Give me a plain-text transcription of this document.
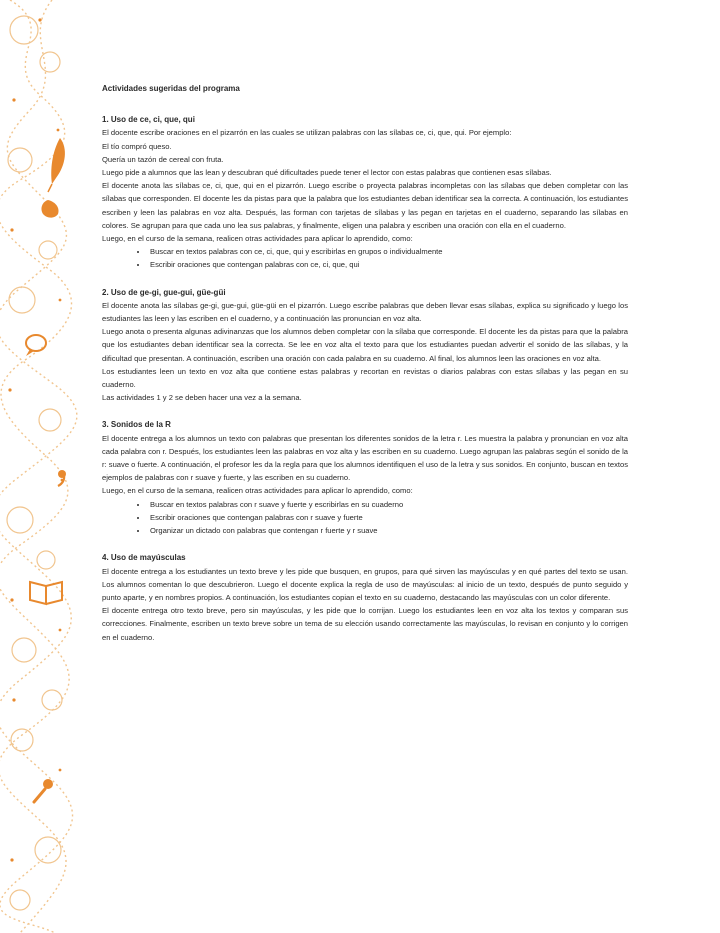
Actividades sugeridas del programa

1. Uso de ce, ci, que, qui

El docente escribe oraciones en el pizarrón en las cuales se utilizan palabras con las sílabas ce, ci, que, qui. Por ejemplo:

El tío compró queso.

Quería un tazón de cereal con fruta.

Luego pide a alumnos que las lean y descubran qué dificultades puede tener el lector con estas palabras que contienen esas sílabas.

El docente anota las sílabas ce, ci, que, qui en el pizarrón. Luego escribe o proyecta palabras incompletas con las sílabas que deben completar con las sílabas que corresponden. El docente les da pistas para que la palabra que los estudiantes deban identificar sea la correcta. A continuación, los estudiantes escriben y leen las palabras en voz alta. Después, las forman con tarjetas de sílabas y las pegan en tarjetas en el cuaderno, separando las sílabas en colores. Se agrupan para que cada uno lea sus palabras, y finalmente, eligen una palabra y escriben una oración con ella en el cuaderno.

Luego, en el curso de la semana, realicen otras actividades para aplicar lo aprendido, como:

• Buscar en textos palabras con ce, ci, que, qui y escribirlas en grupos o individualmente
• Escribir oraciones que contengan palabras con ce, ci, que, qui

2. Uso de ge-gi, gue-gui, güe-güi

El docente anota las sílabas ge-gi, gue-gui, güe-güi en el pizarrón. Luego escribe palabras que deben llevar esas sílabas, explica su significado y luego los estudiantes las leen y las escriben en el cuaderno, y a continuación las pronuncian en voz alta.

Luego anota o presenta algunas adivinanzas que los alumnos deben completar con la sílaba que corresponde. El docente les da pistas para que la palabra que los estudiantes deban identificar sea la correcta. Se lee en voz alta el texto para que los estudiantes puedan advertir el sonido de las sílabas, y la dificultad que presentan. A continuación, escriben una oración con cada palabra en su cuaderno. Al final, los alumnos leen las oraciones en voz alta.

Los estudiantes leen un texto en voz alta que contiene estas palabras y recortan en revistas o diarios palabras con estas sílabas y las pegan en su cuaderno.

Las actividades 1 y 2 se deben hacer una vez a la semana.

3. Sonidos de la R

El docente entrega a los alumnos un texto con palabras que presentan los diferentes sonidos de la letra r. Les muestra la palabra y pronuncian en voz alta cada palabra con r. Después, los estudiantes leen las palabras en voz alta y las escriben en su cuaderno. Luego agrupan las palabras según el sonido de la r: suave o fuerte. A continuación, el profesor les da la regla para que los alumnos identifiquen el uso de la letra y sus sonidos. En conjunto, buscan en textos ejemplos de palabras con r suave y fuerte, y las escriben en su cuaderno.

Luego, en el curso de la semana, realicen otras actividades para aplicar lo aprendido, como:

• Buscar en textos palabras con r suave y fuerte y escribirlas en su cuaderno
• Escribir oraciones que contengan palabras con r suave y fuerte
• Organizar un dictado con palabras que contengan r fuerte y r suave

4. Uso de mayúsculas

El docente entrega a los estudiantes un texto breve y les pide que busquen, en grupos, para qué sirven las mayúsculas y en qué partes del texto se usan. Los alumnos comentan lo que descubrieron. Luego el docente explica la regla de uso de mayúsculas: al inicio de un texto, después de punto seguido y punto aparte, y en nombres propios. A continuación, los estudiantes copian el texto en su cuaderno, destacando las mayúsculas con un color diferente.

El docente entrega otro texto breve, pero sin mayúsculas, y les pide que lo corrijan. Luego los estudiantes leen en voz alta los textos y comparan sus correcciones. Finalmente, escriben un texto breve sobre un tema de su elección usando correctamente las mayúsculas, lo revisan en conjunto y lo corrigen en el cuaderno.
